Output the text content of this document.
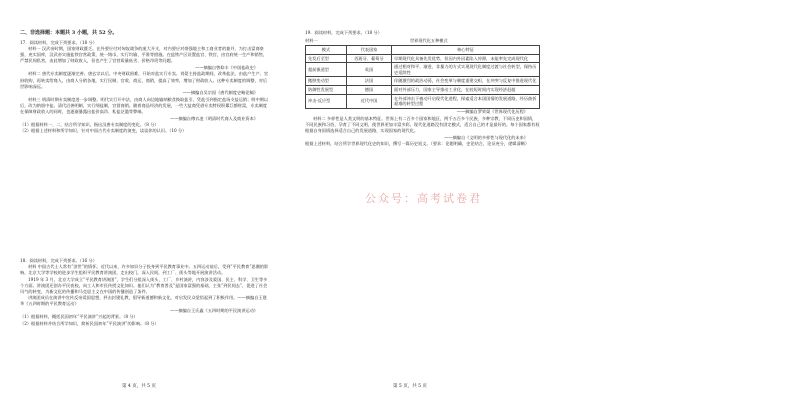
二、非选择题：本题共 3 小题，共 52 分。

17．阅读材料，完成下列要求。（18 分）

材料一 汉武帝时期，国家财政匮乏。在外要应付对匈奴战争的庞大开支，对内要应对豪强地主和工商业者的兼并，为打击富商豪强，充实国库，汉武帝实施盐铁官营政策，统一铸币，实行均输、平准等措施。在盐铁产区设置盐官、铁官，由官府统一生产和销售，严禁民间私营，由此增加了财政收入，但也产生了官营质量低劣、价格昂贵等问题。

——摘编自曾仰丰《中国盐政史》

材料二 唐代专卖制度逐渐完善。唐玄宗以后，中央财政困难，开始对盐实行专卖。刘晏主持盐政期间，改革盐法，由盐户生产、官府收购，再转卖给商人，由商人分销各地，实行民制、官收、商运、商销，提高了效率，增加了财政收入。这种专卖制度的调整，对后世影响深远。

——摘编自吴宗国《唐代制度史略论稿》

材料三 明清时期专卖制度进一步调整。明代实行开中法，由商人向边地输纳粮食换取盐引，凭盐引到指定盐场支盐运销；明中期以后，改为纳银中盐。清代沿袭明制，实行纲盐制，官督商销。随着商品经济的发展，一些大盐商凭借专卖特权积累巨额财富，专卖制度在保障财政收入的同时，也逐渐暴露出盐价高昂、私盐泛滥等弊端。

——摘编自傅衣凌《明清时代商人及商业资本》

（1）根据材料一、二，结合所学知识，指出汉唐专卖制度的变化。（8 分）

（2）根据上述材料和所学知识，针对中国古代专卖制度的演变，谈谈你的认识。（10 分）

18．阅读材料，完成下列要求。（16 分）

材料 中国古代士人常有“济世”的情怀。近代以来，许多知识分子投身到平民教育事业中。五四运动前后，受到“平民教育”思潮的影响，北京大学等学校的进步学生组织平民教育讲演团，走出校门，深入民间，到工厂、街头等地开展演讲活动。

1919 年 3 月，北京大学成立“平民教育讲演团”，学生们分组深入街头、工厂、乡村演讲，内容涉及爱国、民主、科学、卫生等多个方面。讲演团还创办平民夜校，向工人和市民传授文化知识。他们认为“教育普及”是国家富强的基础，主张“到民间去”，促进了社会风气的转变，为新文化的传播和马克思主义在中国的传播创造了条件。

讲演团成员在演讲中宣传反帝爱国思想，抨击封建礼教，倡导新道德和新文化，对启发民众觉悟起到了积极作用。——摘编自王建华《五四时期的平民教育运动》

——摘编自王氏鑫《五四时期的平民演讲运动》

（1）根据材料，概括民国初年“平民演讲”兴起的背景。（8 分）

（2）根据材料并结合所学知识，简析民国初年“平民演讲”的影响。（8 分）

第 4 页，共 5 页

19．阅读材料，完成下列要求。（18 分）

材料一	世界现代化五种模式
模式	代表国家	核心特征
先发后至型	西班牙、葡萄牙	早期现代化具备先发优势，但因内外因素陷入停滞，未能率先完成现代化
超前嵌道型	英国	通过相对和平、渐进、非暴力的方式实现现代化制度过渡与社会转型，保持历史延续性
搬照变动型	法国	伴随激烈的政治动荡，社会变革与制度重建交织，在冲突与反复中推进现代化
防御性发展型	德国	面对外部压力，国家主导推动工业化，在较短时间内实现经济赶超
冲击-反应型	近代中国	在外部冲击下被动开启现代化进程，探索适合本国国情的发展道路，经历曲折艰难的转型过程

——摘编自罗荣渠《世界现代化历程》

材料二 多样性是人类文明的基本特征。世界上有二百多个国家和地区，两千五百多个民族，多种宗教，不同历史和国情，不同民族和习俗，孕育了不同文明，使世界更加丰富多彩。现代化道路没有固定模式，适合自己的才是最好的。每个国家都有权根据自身国情选择适合自己的发展道路，实现国家的现代化。

——摘编自《文明的多样性与现代化的未来》

根据上述材料，结合所学世界现代化史的知识，撰写一篇历史短文。（要求：论题明确，史论结合，论证充分，逻辑清晰）

公众号：高考试卷君
第 5 页，共 5 页
